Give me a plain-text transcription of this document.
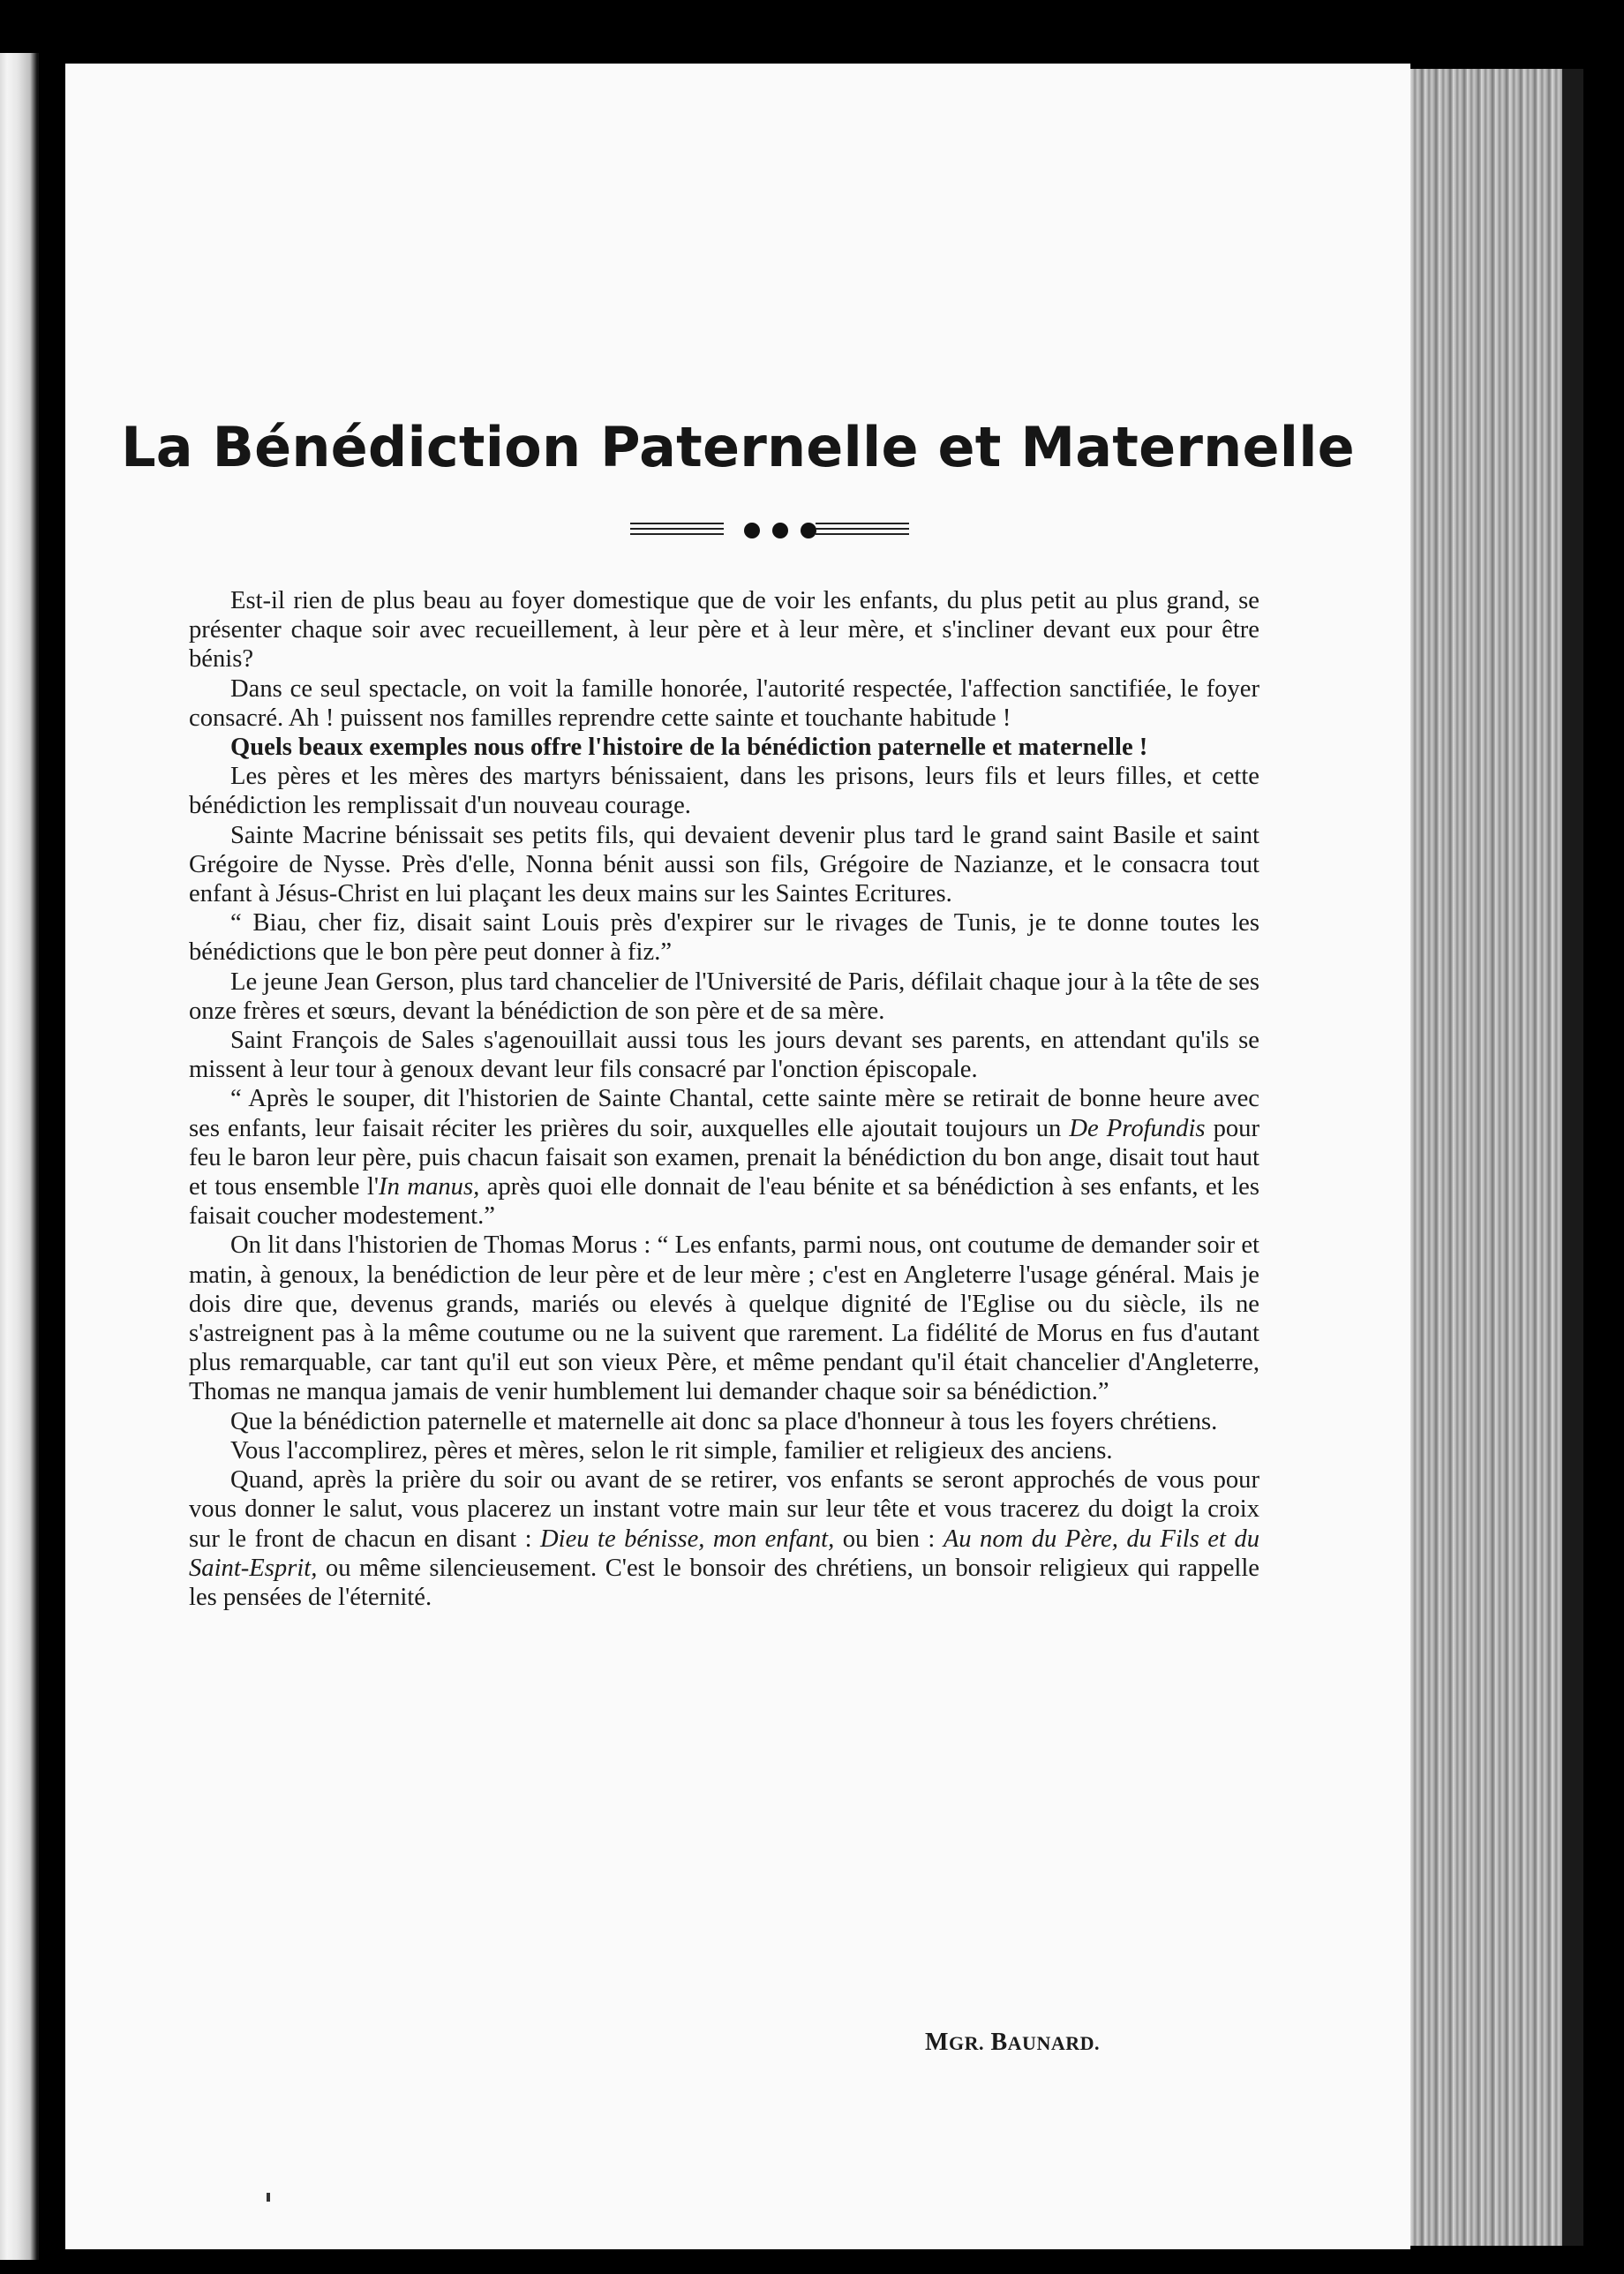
La Bénédiction Paternelle et Maternelle

Est-il rien de plus beau au foyer domestique que de voir les enfants, du plus petit au plus grand, se présenter chaque soir avec recueillement, à leur père et à leur mère, et s'incliner devant eux pour être bénis?

Dans ce seul spectacle, on voit la famille honorée, l'autorité respectée, l'affection sanctifiée, le foyer consacré. Ah ! puissent nos familles reprendre cette sainte et touchante habitude !

Quels beaux exemples nous offre l'histoire de la bénédiction paternelle et maternelle !

Les pères et les mères des martyrs bénissaient, dans les prisons, leurs fils et leurs filles, et cette bénédiction les remplissait d'un nouveau courage.

Sainte Macrine bénissait ses petits fils, qui devaient devenir plus tard le grand saint Basile et saint Grégoire de Nysse. Près d'elle, Nonna bénit aussi son fils, Grégoire de Nazianze, et le consacra tout enfant à Jésus-Christ en lui plaçant les deux mains sur les Saintes Ecritures.

“ Biau, cher fiz, disait saint Louis près d'expirer sur le rivages de Tunis, je te donne toutes les bénédictions que le bon père peut donner à fiz.”

Le jeune Jean Gerson, plus tard chancelier de l'Université de Paris, défilait chaque jour à la tête de ses onze frères et sœurs, devant la bénédiction de son père et de sa mère.

Saint François de Sales s'agenouillait aussi tous les jours devant ses parents, en attendant qu'ils se missent à leur tour à genoux devant leur fils consacré par l'onction épiscopale.

“ Après le souper, dit l'historien de Sainte Chantal, cette sainte mère se retirait de bonne heure avec ses enfants, leur faisait réciter les prières du soir, auxquelles elle ajoutait toujours un De Profundis pour feu le baron leur père, puis chacun faisait son examen, prenait la bénédiction du bon ange, disait tout haut et tous ensemble l'In manus, après quoi elle donnait de l'eau bénite et sa bénédiction à ses enfants, et les faisait coucher modestement.”

On lit dans l'historien de Thomas Morus : “ Les enfants, parmi nous, ont coutume de demander soir et matin, à genoux, la benédiction de leur père et de leur mère ; c'est en Angleterre l'usage général. Mais je dois dire que, devenus grands, mariés ou elevés à quelque dignité de l'Eglise ou du siècle, ils ne s'astreignent pas à la même coutume ou ne la suivent que rarement. La fidélité de Morus en fus d'autant plus remarquable, car tant qu'il eut son vieux Père, et même pendant qu'il était chancelier d'Angleterre, Thomas ne manqua jamais de venir humblement lui demander chaque soir sa bénédiction.”

Que la bénédiction paternelle et maternelle ait donc sa place d'honneur à tous les foyers chrétiens.

Vous l'accomplirez, pères et mères, selon le rit simple, familier et religieux des anciens.

Quand, après la prière du soir ou avant de se retirer, vos enfants se seront approchés de vous pour vous donner le salut, vous placerez un instant votre main sur leur tête et vous tracerez du doigt la croix sur le front de chacun en disant : Dieu te bénisse, mon enfant, ou bien : Au nom du Père, du Fils et du Saint-Esprit, ou même silencieusement. C'est le bonsoir des chrétiens, un bonsoir religieux qui rappelle les pensées de l'éternité.

MGR. BAUNARD.
